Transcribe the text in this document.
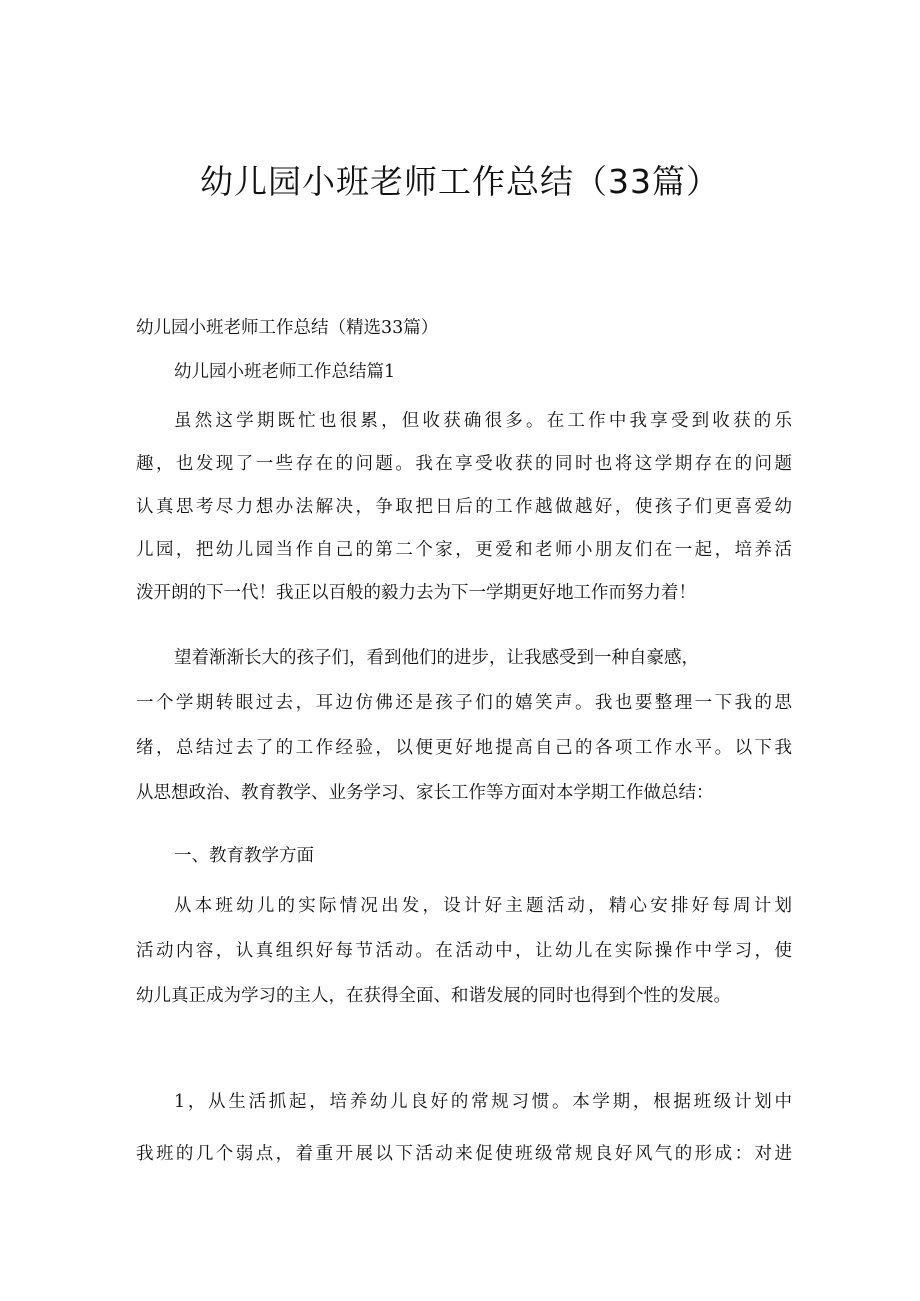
幼儿园小班老师工作总结（33篇）
幼儿园小班老师工作总结（精选33篇）
幼儿园小班老师工作总结篇1
虽然这学期既忙也很累，但收获确很多。在工作中我享受到收获的乐
趣，也发现了一些存在的问题。我在享受收获的同时也将这学期存在的问题
认真思考尽力想办法解决，争取把日后的工作越做越好，使孩子们更喜爱幼
儿园，把幼儿园当作自己的第二个家，更爱和老师小朋友们在一起，培养活
泼开朗的下一代！我正以百般的毅力去为下一学期更好地工作而努力着！
望着渐渐长大的孩子们，看到他们的进步，让我感受到一种自豪感，
一个学期转眼过去，耳边仿佛还是孩子们的嬉笑声。我也要整理一下我的思
绪，总结过去了的工作经验，以便更好地提高自己的各项工作水平。以下我
从思想政治、教育教学、业务学习、家长工作等方面对本学期工作做总结：
一、教育教学方面
从本班幼儿的实际情况出发，设计好主题活动，精心安排好每周计划
活动内容，认真组织好每节活动。在活动中，让幼儿在实际操作中学习，使
幼儿真正成为学习的主人，在获得全面、和谐发展的同时也得到个性的发展。
1，从生活抓起，培养幼儿良好的常规习惯。本学期，根据班级计划中
我班的几个弱点，着重开展以下活动来促使班级常规良好风气的形成：对进
